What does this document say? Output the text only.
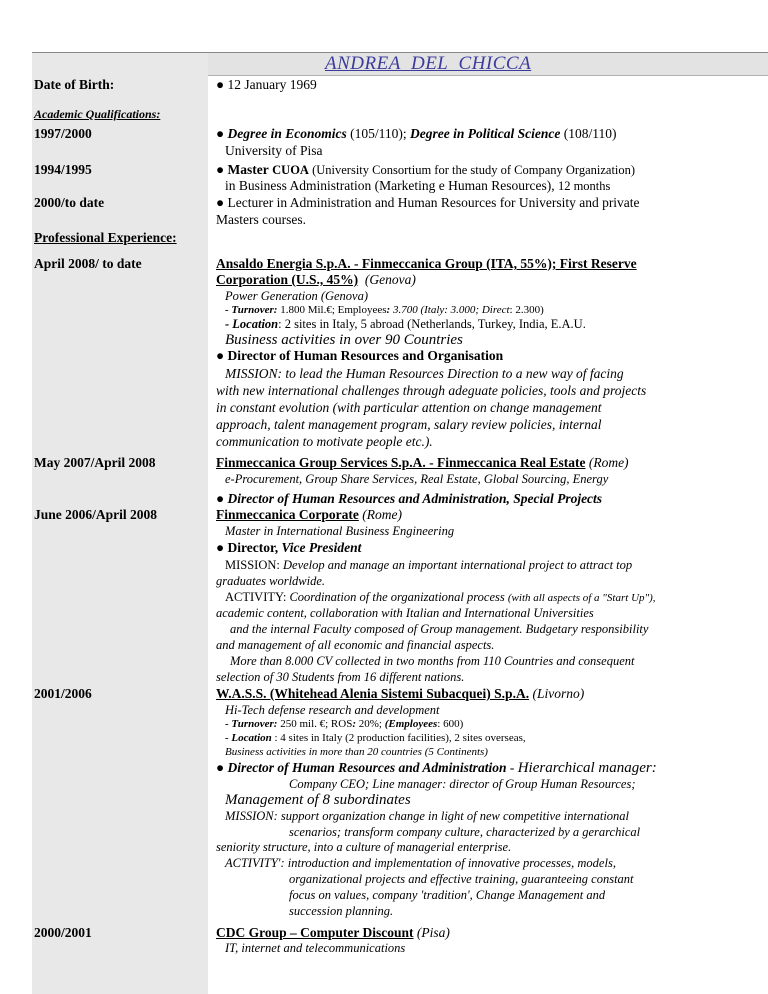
ANDREA  DEL  CHICCA
Date of Birth:
Academic Qualifications:
1997/2000
1994/1995
2000/to date
Professional Experience:
April 2008/ to date
May 2007/April 2008
June 2006/April 2008
2001/2006
2000/2001
● 12 January 1969
● Degree in Economics (105/110); Degree in Political Science (108/110)
University of Pisa
● Master CUOA (University Consortium for the study of Company Organization)
in Business Administration (Marketing e Human Resources), 12 months
● Lecturer in Administration and Human Resources for University and private
Masters courses.
Ansaldo Energia S.p.A. - Finmeccanica Group (ITA, 55%); First Reserve
Corporation (U.S., 45%) (Genova)
Power Generation (Genova)
- Turnover: 1.800 Mil.€; Employees: 3.700 (Italy: 3.000; Direct: 2.300)
- Location: 2 sites in Italy, 5 abroad (Netherlands, Turkey, India, E.A.U.
Business activities in over 90 Countries
● Director of Human Resources and Organisation
MISSION: to lead the Human Resources Direction to a new way of facing
with new international challenges through adeguate policies, tools and projects
in constant evolution (with particular attention on change management
approach, talent management program, salary review policies, internal
communication to motivate people etc.).
Finmeccanica Group Services S.p.A. - Finmeccanica Real Estate (Rome)
e-Procurement, Group Share Services, Real Estate, Global Sourcing, Energy
● Director of Human Resources and Administration, Special Projects
Finmeccanica Corporate (Rome)
Master in International Business Engineering
● Director, Vice President
MISSION: Develop and manage an important international project to attract top
graduates worldwide.
ACTIVITY: Coordination of the organizational process (with all aspects of a "Start Up"),
academic content, collaboration with Italian and International Universities
and the internal Faculty composed of Group management. Budgetary responsibility
and management of all economic and financial aspects.
More than 8.000 CV collected in two months from 110 Countries and consequent
selection of 30 Students from 16 different nations.
W.A.S.S. (Whitehead Alenia Sistemi Subacquei) S.p.A. (Livorno)
Hi-Tech defense research and development
- Turnover: 250 mil. €; ROS: 20%; (Employees: 600)
- Location : 4 sites in Italy (2 production facilities), 2 sites overseas,
Business activities in more than 20 countries (5 Continents)
● Director of Human Resources and Administration - Hierarchical manager:
Company CEO; Line manager: director of Group Human Resources;
Management of 8 subordinates
MISSION: support organization change in light of new competitive international
scenarios; transform company culture, characterized by a gerarchical
seniority structure, into a culture of managerial enterprise.
ACTIVITY': introduction and implementation of innovative processes, models,
organizational projects and effective training, guaranteeing constant
focus on values, company 'tradition', Change Management and
succession planning.
CDC Group – Computer Discount (Pisa)
IT, internet and telecommunications
